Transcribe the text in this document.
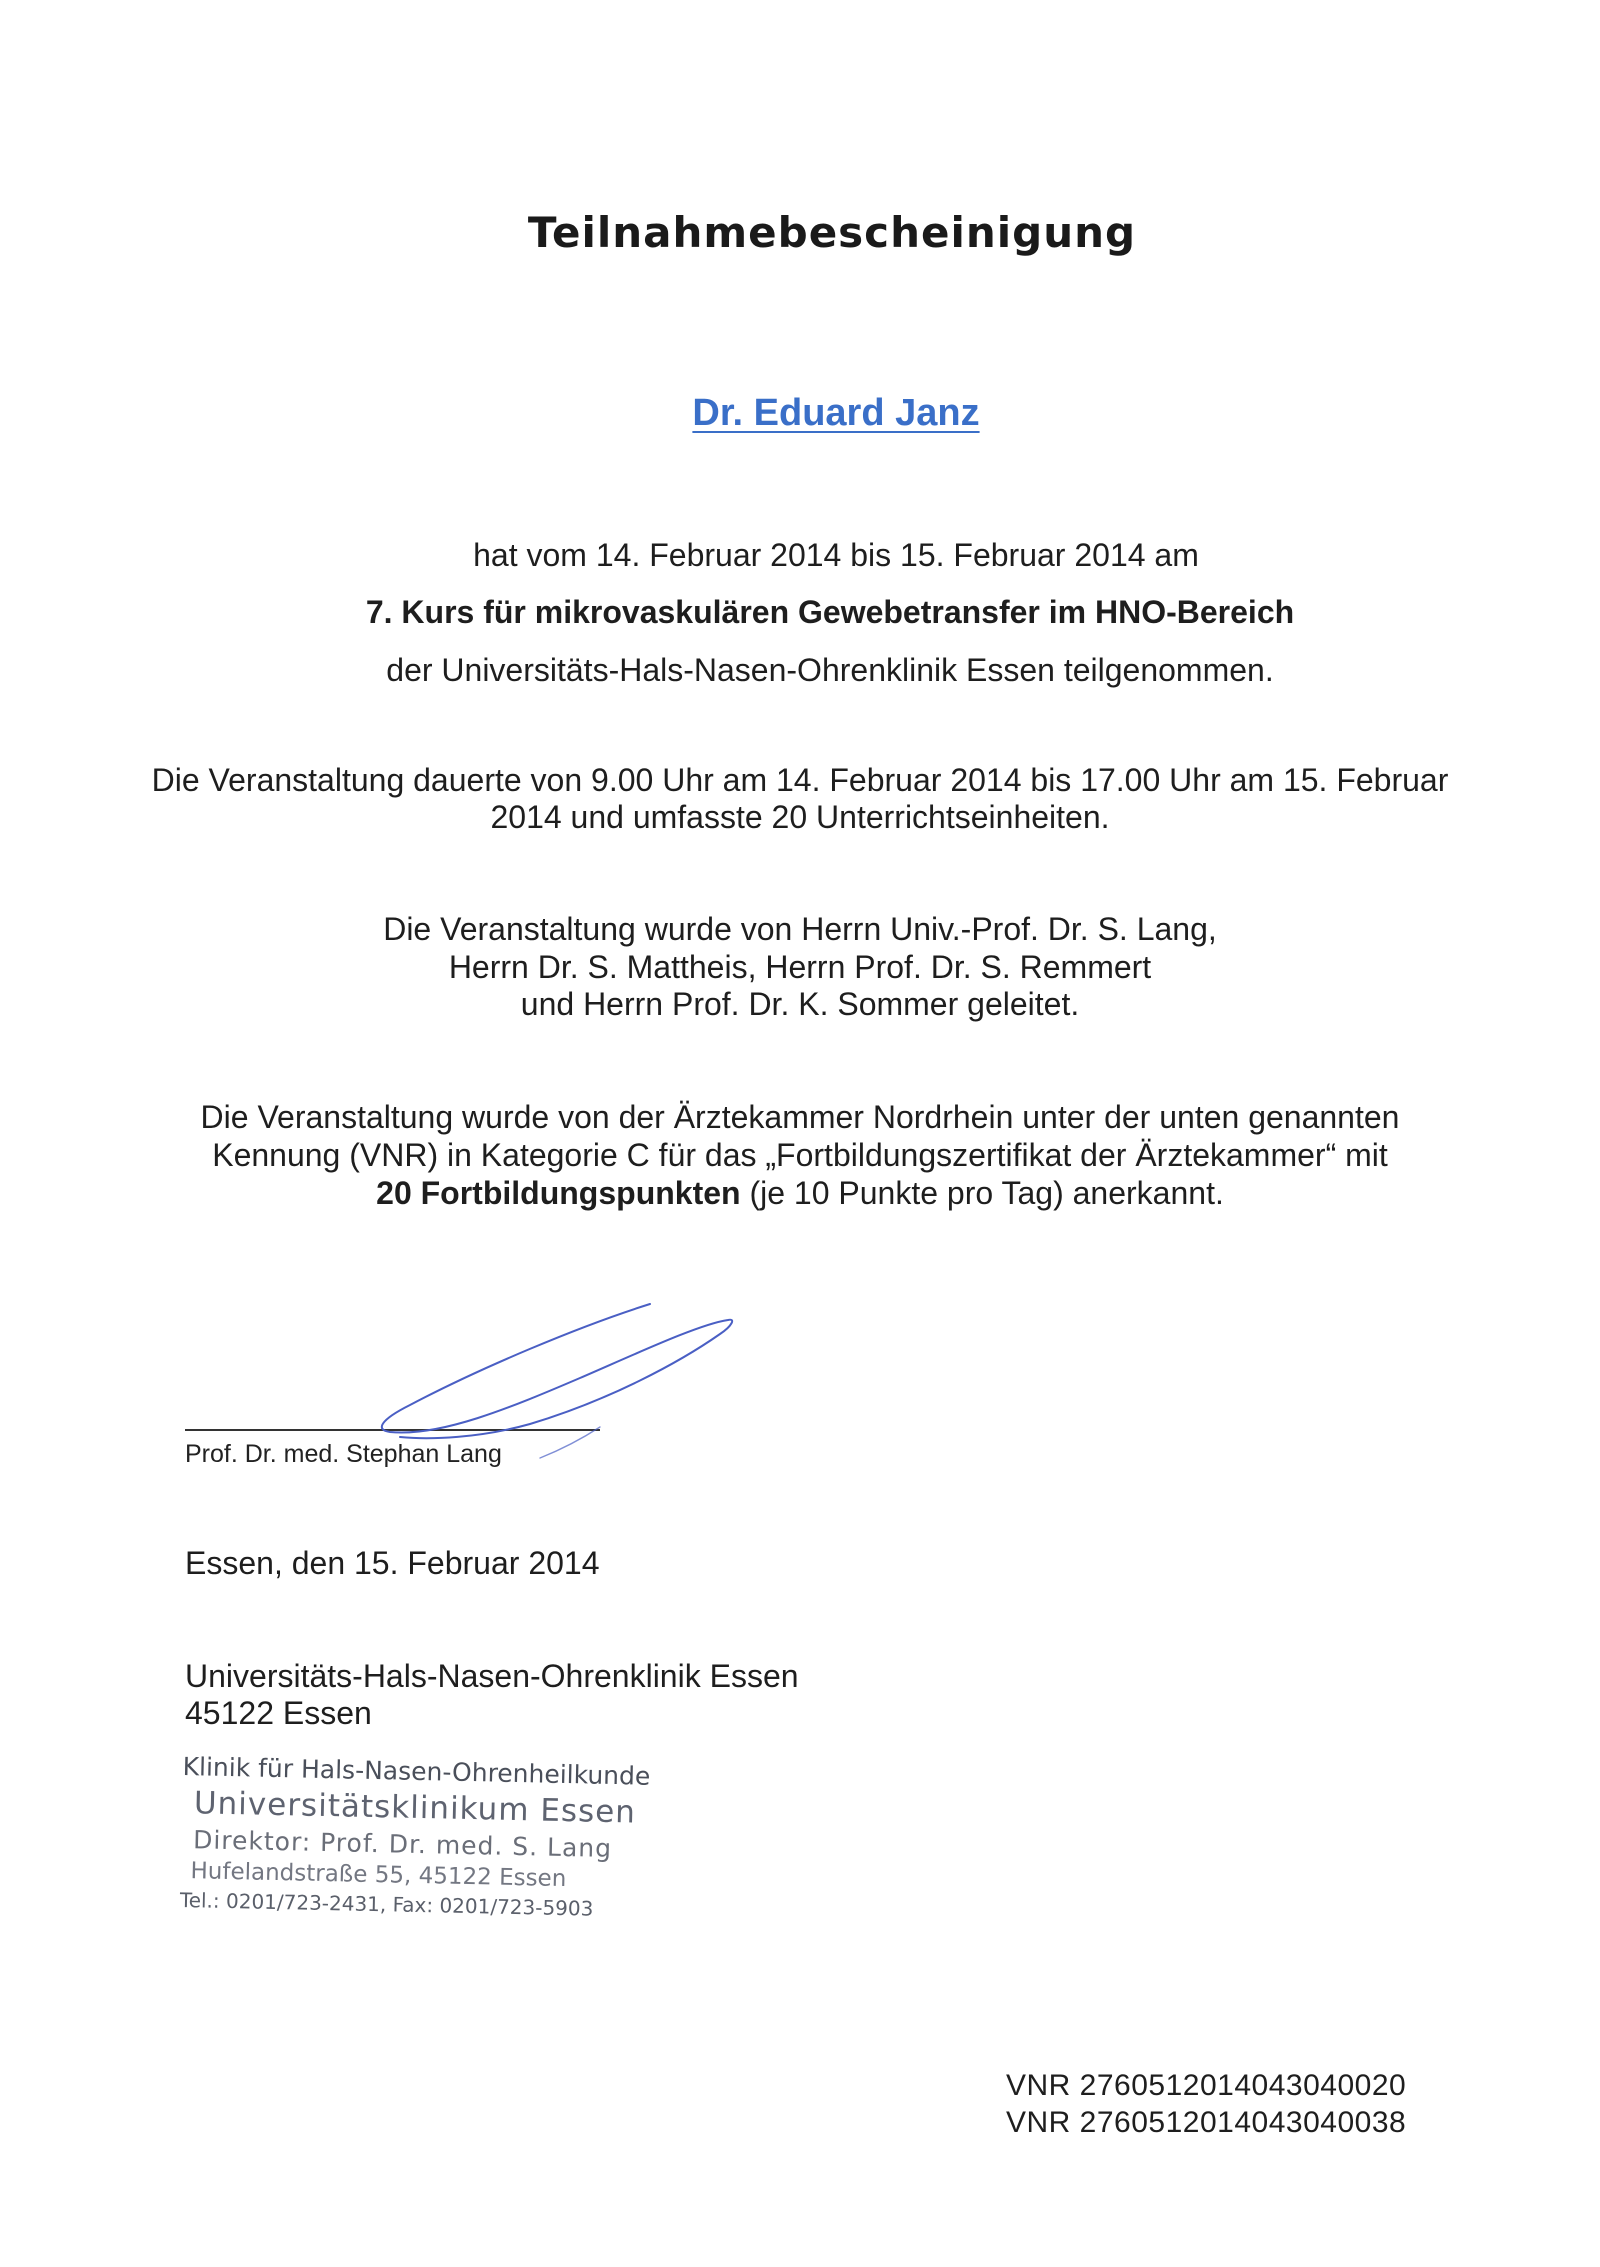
Teilnahmebescheinigung
Dr. Eduard Janz
hat vom 14. Februar 2014 bis 15. Februar 2014 am
7. Kurs für mikrovaskulären Gewebetransfer im HNO-Bereich
der Universitäts-Hals-Nasen-Ohrenklinik Essen teilgenommen.
Die Veranstaltung dauerte von 9.00 Uhr am 14. Februar 2014 bis 17.00 Uhr am 15. Februar
2014 und umfasste 20 Unterrichtseinheiten.
Die Veranstaltung wurde von Herrn Univ.-Prof. Dr. S. Lang,
Herrn Dr. S. Mattheis, Herrn Prof. Dr. S. Remmert
und Herrn Prof. Dr. K. Sommer geleitet.
Die Veranstaltung wurde von der Ärztekammer Nordrhein unter der unten genannten
Kennung (VNR) in Kategorie C für das „Fortbildungszertifikat der Ärztekammer“ mit
20 Fortbildungspunkten (je 10 Punkte pro Tag) anerkannt.
Prof. Dr. med. Stephan Lang
Essen, den 15. Februar 2014
Universitäts-Hals-Nasen-Ohrenklinik Essen
45122 Essen
Klinik für Hals-Nasen-Ohrenheilkunde
Universitätsklinikum Essen
Direktor: Prof. Dr. med. S. Lang
Hufelandstraße 55, 45122 Essen
Tel.: 0201/723-2431, Fax: 0201/723-5903
VNR 2760512014043040020
VNR 2760512014043040038
